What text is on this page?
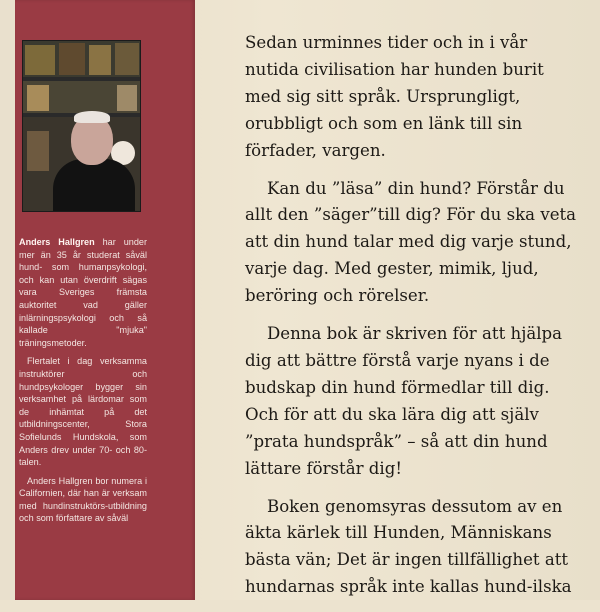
Anders Hallgren har under mer än 35 år studerat såväl hund- som humanpsykologi, och kan utan överdrift sägas vara Sveriges främsta auktoritet vad gäller inlärningspsykologi och så kallade "mjuka" träningsmetoder.

Flertalet i dag verksamma instruktörer och hundpsykologer bygger sin verksamhet på lärdomar som de inhämtat på det utbildningscenter, Stora Sofielunds Hundskola, som Anders drev under 70- och 80-talen.

Anders Hallgren bor numera i Californien, där han är verksam med hundinstruktörs-utbildning och som författare av såväl

Sedan urminnes tider och in i vår nutida civilisation har hunden burit med sig sitt språk. Ursprungligt, orubbligt och som en länk till sin förfader, vargen.

Kan du ”läsa” din hund? Förstår du allt den ”säger”till dig? För du ska veta att din hund talar med dig varje stund, varje dag. Med gester, mimik, ljud, beröring och rörelser.

Denna bok är skriven för att hjälpa dig att bättre förstå varje nyans i de budskap din hund förmedlar till dig. Och för att du ska lära dig att själv ”prata hundspråk” – så att din hund lättare förstår dig!

Boken genomsyras dessutom av en äkta kärlek till Hunden, Människans bästa vän; Det är ingen tillfällighet att hundarnas språk inte kallas hund-ilska
